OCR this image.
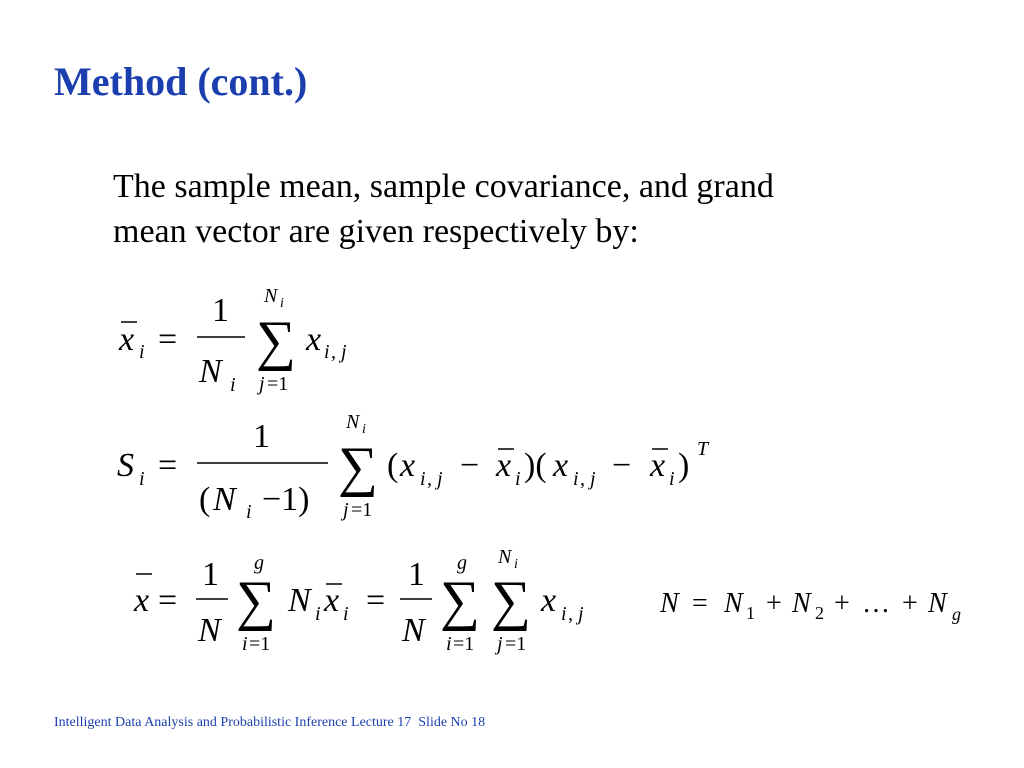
Method (cont.)
The sample mean, sample covariance, and grand
mean vector are given respectively by:
x i =
1
N i
∑
N i
j =1
x i , j
S i =
1
( N i −1)
∑
N i
j =1
( x i , j − x i )( x i , j − x i ) T
x =
1
N ∑
g
i =1
N i x i =
1
N ∑
g
i =1
∑
N i
j =1
x i , j	N = N 1 + N 2 + … + N g
Intelligent Data Analysis and Probabilistic Inference Lecture 17  Slide No 18
